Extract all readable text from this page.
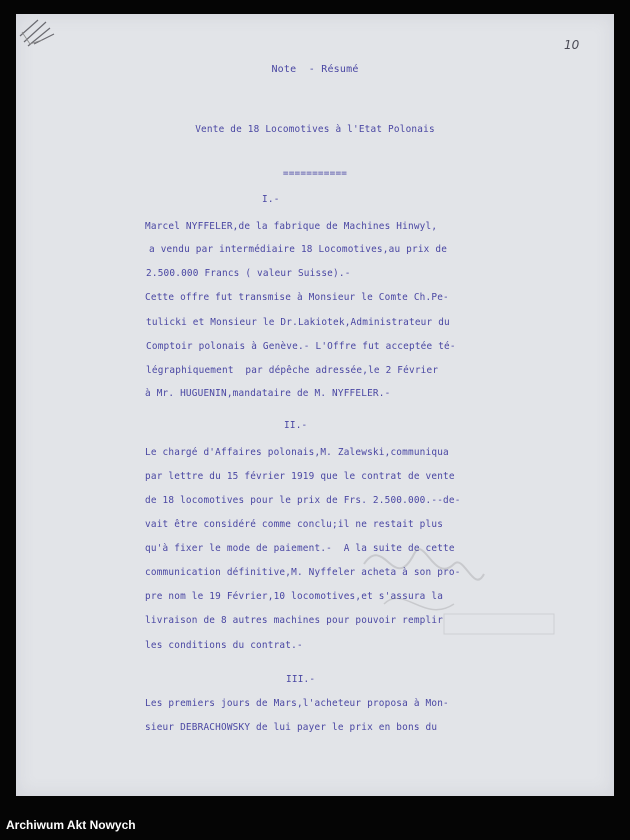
10
Note  - Résumé
Vente de 18 Locomotives à l'Etat Polonais
===========
I.-
Marcel NYFFELER,de la fabrique de Machines Hinwyl,
a vendu par intermédiaire 18 Locomotives,au prix de
2.500.000 Francs ( valeur Suisse).-
Cette offre fut transmise à Monsieur le Comte Ch.Pe-
tulicki et Monsieur le Dr.Lakiotek,Administrateur du
Comptoir polonais à Genève.- L'Offre fut acceptée té-
légraphiquement  par dépêche adressée,le 2 Février
à Mr. HUGUENIN,mandataire de M. NYFFELER.-
II.-
Le chargé d'Affaires polonais,M. Zalewski,communiqua
par lettre du 15 février 1919 que le contrat de vente
de 18 locomotives pour le prix de Frs. 2.500.000.--de-
vait être considéré comme conclu;il ne restait plus
qu'à fixer le mode de paiement.-  A la suite de cette
communication définitive,M. Nyffeler acheta à son pro-
pre nom le 19 Février,10 locomotives,et s'assura la
livraison de 8 autres machines pour pouvoir remplir
les conditions du contrat.-
III.-
Les premiers jours de Mars,l'acheteur proposa à Mon-
sieur DEBRACHOWSKY de lui payer le prix en bons du
Archiwum Akt Nowych
